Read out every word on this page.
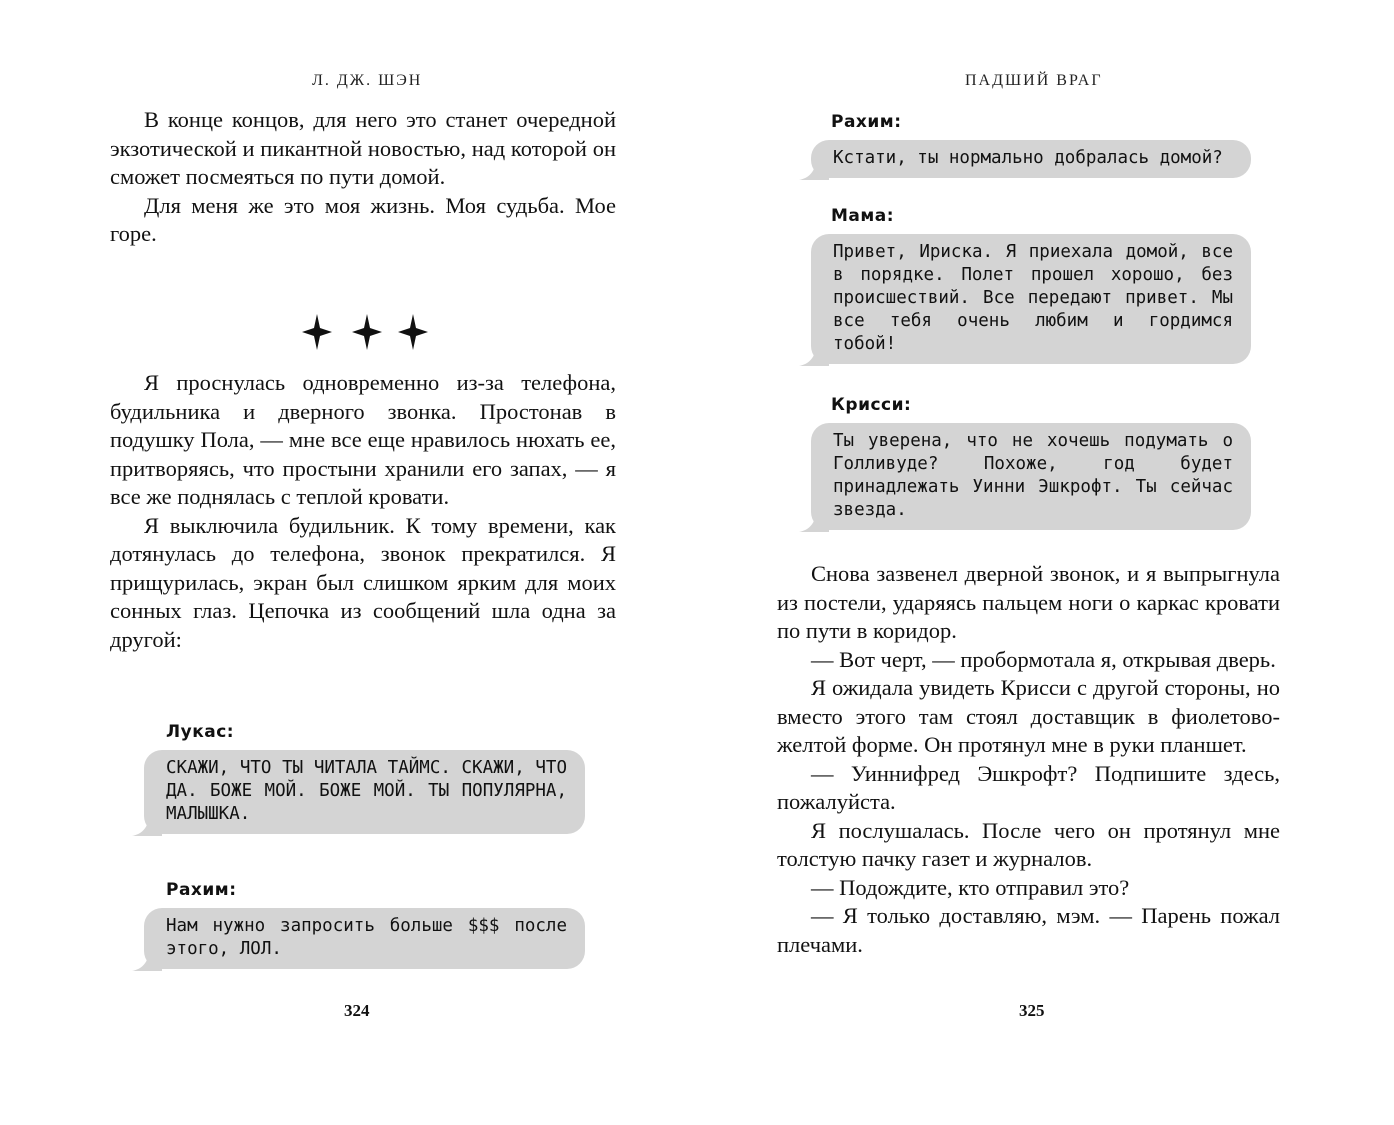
Л. ДЖ. ШЭН

В конце концов, для него это станет очередной экзотической и пикантной новостью, над которой он сможет посмеяться по пути домой.

Для меня же это моя жизнь. Моя судьба. Мое горе.

Я проснулась одновременно из-за телефона, будильника и дверного звонка. Простонав в подушку Пола, — мне все еще нравилось нюхать ее, притворяясь, что простыни хранили его запах, — я все же поднялась с теплой кровати.

Я выключила будильник. К тому времени, как дотянулась до телефона, звонок прекратился. Я прищурилась, экран был слишком ярким для моих сонных глаз. Цепочка из сообщений шла одна за другой:

Лукас:
СКАЖИ, ЧТО ТЫ ЧИТАЛА ТАЙМС. СКАЖИ, ЧТО ДА. БОЖЕ МОЙ. БОЖЕ МОЙ. ТЫ ПОПУЛЯРНА, МАЛЫШКА.
Рахим:
Нам нужно запросить больше $$$ после этого, ЛОЛ.
324
ПАДШИЙ ВРАГ
Рахим:
Кстати, ты нормально добралась домой?
Мама:
Привет, Ириска. Я приехала домой, все в порядке. Полет прошел хорошо, без происшествий. Все передают привет. Мы все тебя очень любим и гордимся тобой!
Крисси:
Ты уверена, что не хочешь подумать о Голливуде? Похоже, год будет принадлежать Уинни Эшкрофт. Ты сейчас звезда.

Снова зазвенел дверной звонок, и я выпрыгнула из постели, ударяясь пальцем ноги о каркас кровати по пути в коридор.

— Вот черт, — пробормотала я, открывая дверь.

Я ожидала увидеть Крисси с другой стороны, но вместо этого там стоял доставщик в фиолетово-желтой форме. Он протянул мне в руки планшет.

— Уиннифред Эшкрофт? Подпишите здесь, пожалуйста.

Я послушалась. После чего он протянул мне толстую пачку газет и журналов.

— Подождите, кто отправил это?

— Я только доставляю, мэм. — Парень пожал плечами.

325
